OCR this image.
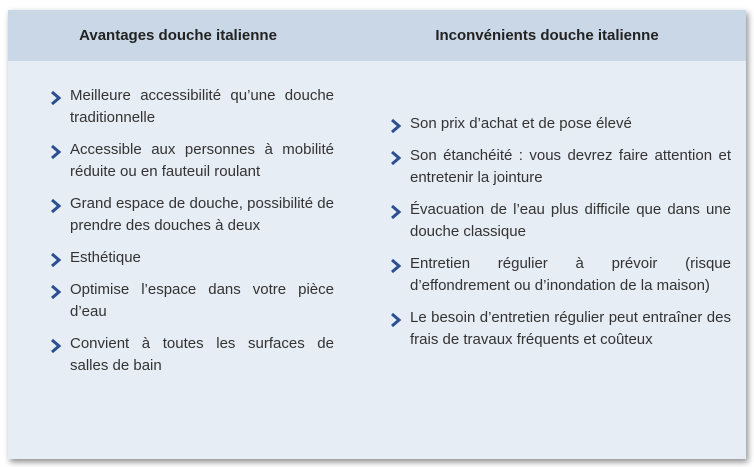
Avantages douche italienne	Inconvénients douche italienne
Meilleure accessibilité qu’une douche traditionnelle
Accessible aux personnes à mobilité réduite ou en fauteuil roulant
Grand espace de douche, possibilité de prendre des douches à deux
Esthétique
Optimise l’espace dans votre pièce d’eau
Convient à toutes les surfaces de salles de bain
Son prix d’achat et de pose élevé
Son étanchéité : vous devrez faire attention et entretenir la jointure
Évacuation de l’eau plus difficile que dans une douche classique
Entretien régulier à prévoir (risque d’effondrement ou d’inondation de la maison)
Le besoin d’entretien régulier peut entraîner des frais de travaux fréquents et coûteux
